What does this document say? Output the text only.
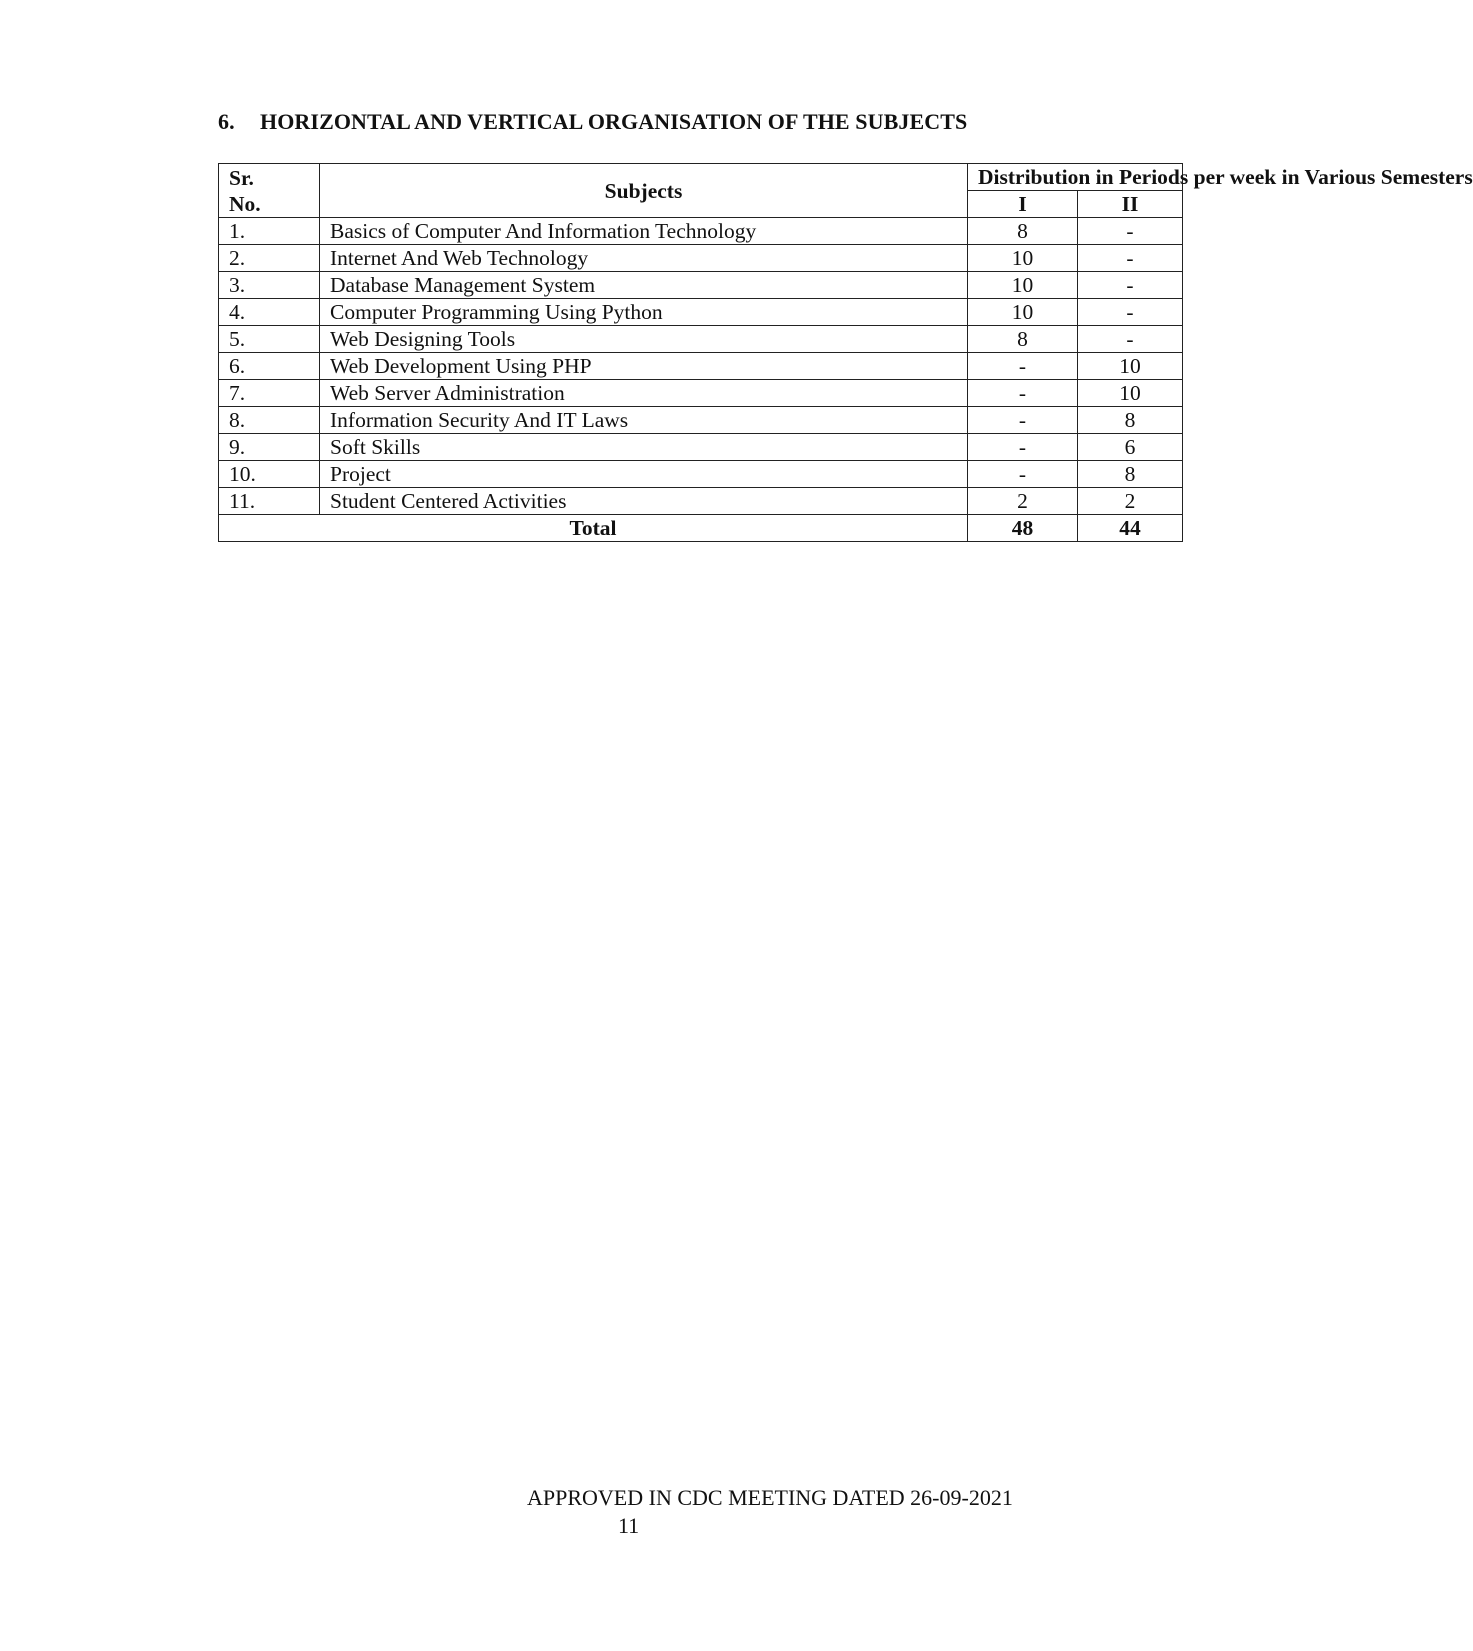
6. HORIZONTAL AND VERTICAL ORGANISATION OF THE SUBJECTS
Sr.
No.	Subjects	Distribution in Periods per week in Various Semesters	
		I	II
1.	Basics of Computer And Information Technology	8	-
2.	Internet And Web Technology	10	-
3.	Database Management System	10	-
4.	Computer Programming Using Python	10	-
5.	Web Designing Tools	8	-
6.	Web Development Using PHP	-	10
7.	Web Server Administration	-	10
8.	Information Security And IT Laws	-	8
9.	Soft Skills	-	6
10.	Project	-	8
11.	Student Centered Activities	2	2
Total		48	44
APPROVED IN CDC MEETING DATED 26-09-2021
11
